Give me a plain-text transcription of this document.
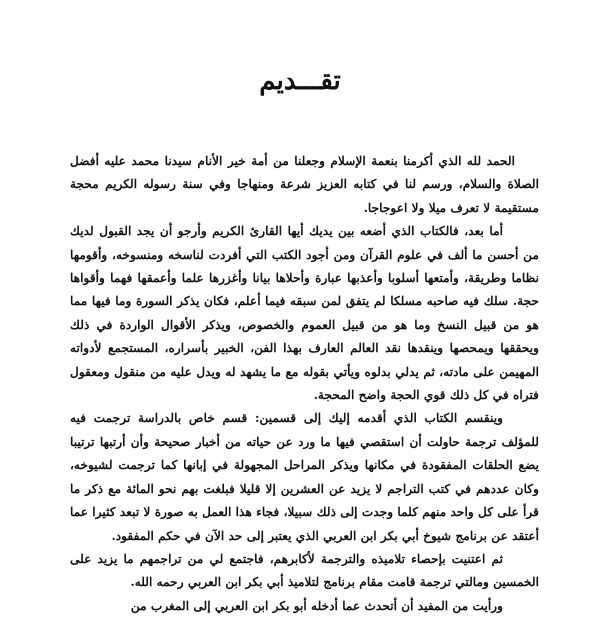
تقـــديم

الحمد لله الذي أكرمنا بنعمة الإسلام وجعلنا من أمة خير الأنام سيدنا محمد عليه أفضل الصلاة والسلام، ورسم لنا في كتابه العزيز شرعة ومنهاجا وفي سنة رسوله الكريم محجة مستقيمة لا تعرف ميلا ولا اعوجاجا.

أما بعد، فالكتاب الذي أضعه بين يديك أيها القارئ الكريم وأرجو أن يجد القبول لديك من أحسن ما ألف في علوم القرآن ومن أجود الكتب التي أفردت لناسخه ومنسوخه، وأقومها نظاما وطريقة، وأمتعها أسلوبا وأعذبها عبارة وأحلاها بيانا وأغزرها علما وأعمقها فهما وأقواها حجة. سلك فيه صاحبه مسلكا لم يتفق لمن سبقه فيما أعلم، فكان يذكر السورة وما فيها مما هو من قبيل النسخ وما هو من قبيل العموم والخصوص، ويذكر الأقوال الواردة في ذلك ويحققها ويمحصها وينقدها نقد العالم العارف بهذا الفن، الخبير بأسراره، المستجمع لأدواته المهيمن على مادته، ثم يدلي بدلوه ويأتي بقوله مع ما يشهد له ويدل عليه من منقول ومعقول فتراه في كل ذلك قوي الحجة واضح المحجة.

وينقسم الكتاب الذي أقدمه إليك إلى قسمين: قسم خاص بالدراسة ترجمت فيه للمؤلف ترجمة حاولت أن استقصي فيها ما ورد عن حياته من أخبار صحيحة وأن أرتبها ترتيبا يضع الحلقات المفقودة في مكانها ويذكر المراحل المجهولة في إبانها كما ترجمت لشيوخه، وكان عددهم في كتب التراجم لا يزيد عن العشرين إلا قليلا فبلغت بهم نحو المائة مع ذكر ما قرأ على كل واحد منهم كلما وجدت إلى ذلك سبيلا، فجاء هذا العمل به صورة لا تبعد كثيرا عما أعتقد عن برنامج شيوخ أبي بكر ابن العربي الذي يعتبر إلى حد الآن في حكم المفقود.

ثم اعتنيت بإحصاء تلاميذه والترجمة لأكابرهم، فاجتمع لي من تراجمهم ما يزيد على الخمسين ومالتي ترجمة قامت مقام برنامج لتلاميذ أبي بكر ابن العربي رحمه الله.

ورأيت من المفيد أن أتحدث عما أدخله أبو بكر ابن العربي إلى المغرب من
